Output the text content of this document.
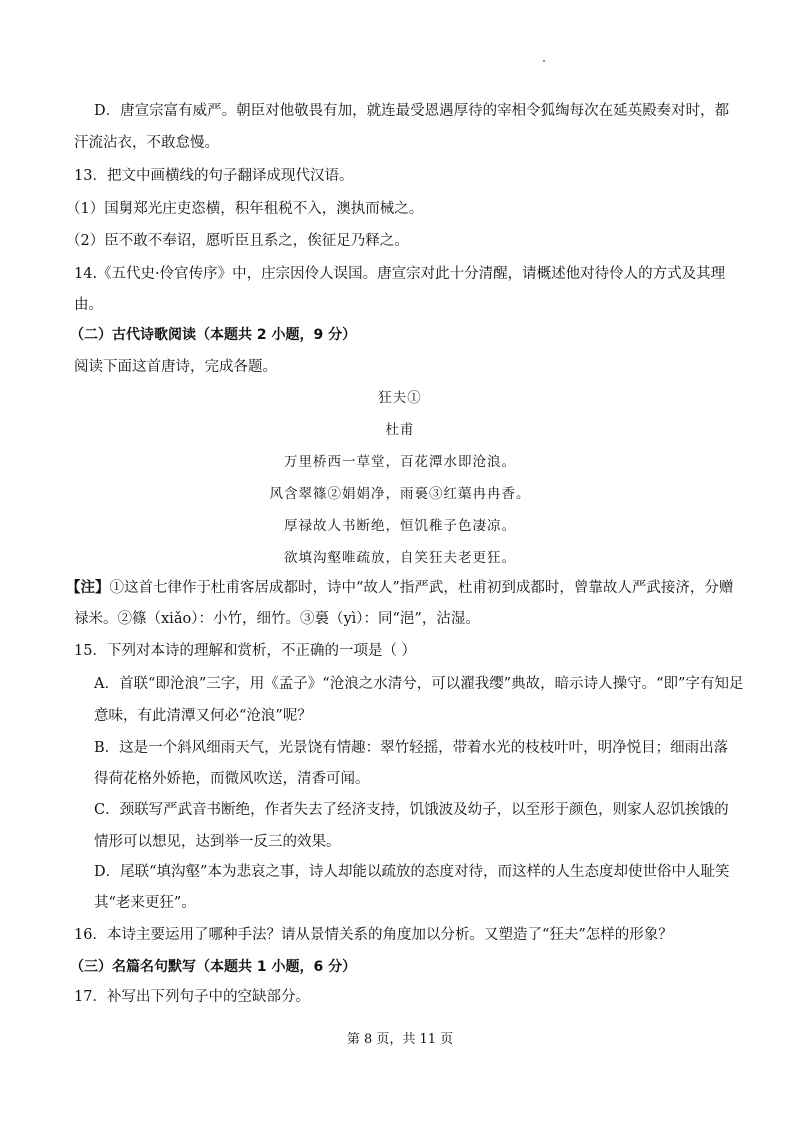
D．唐宣宗富有威严。朝臣对他敬畏有加，就连最受恩遇厚待的宰相令狐绹每次在延英殿奏对时，都
汗流沾衣，不敢怠慢。
13．把文中画横线的句子翻译成现代汉语。
（1）国舅郑光庄吏恣横，积年租税不入，澳执而械之。
（2）臣不敢不奉诏，愿听臣且系之，俟征足乃释之。
14.《五代史·伶官传序》中，庄宗因伶人误国。唐宣宗对此十分清醒，请概述他对待伶人的方式及其理
由。
（二）古代诗歌阅读（本题共 2 小题，9 分）
阅读下面这首唐诗，完成各题。
狂夫①
杜甫
万里桥西一草堂，百花潭水即沧浪。
风含翠篠②娟娟净，雨裛③红蕖冉冉香。
厚禄故人书断绝，恒饥稚子色凄凉。
欲填沟壑唯疏放，自笑狂夫老更狂。
【注】①这首七律作于杜甫客居成都时，诗中“故人”指严武，杜甫初到成都时，曾靠故人严武接济，分赠
禄米。②篠（xiǎo）：小竹，细竹。③裛（yì）：同“浥”，沾湿。
15．下列对本诗的理解和赏析，不正确的一项是（ ）
A．首联“即沧浪”三字，用《孟子》“沧浪之水清兮，可以濯我缨”典故，暗示诗人操守。“即”字有知足
意味，有此清潭又何必“沧浪”呢？
B．这是一个斜风细雨天气，光景饶有情趣：翠竹轻摇，带着水光的枝枝叶叶，明净悦目；细雨出落
得荷花格外娇艳，而微风吹送，清香可闻。
C．颈联写严武音书断绝，作者失去了经济支持，饥饿波及幼子，以至形于颜色，则家人忍饥挨饿的
情形可以想见，达到举一反三的效果。
D．尾联“填沟壑”本为悲哀之事，诗人却能以疏放的态度对待，而这样的人生态度却使世俗中人耻笑
其“老来更狂”。
16．本诗主要运用了哪种手法？请从景情关系的角度加以分析。又塑造了“狂夫”怎样的形象？
（三）名篇名句默写（本题共 1 小题，6 分）
17．补写出下列句子中的空缺部分。
第 8 页，共 11 页
